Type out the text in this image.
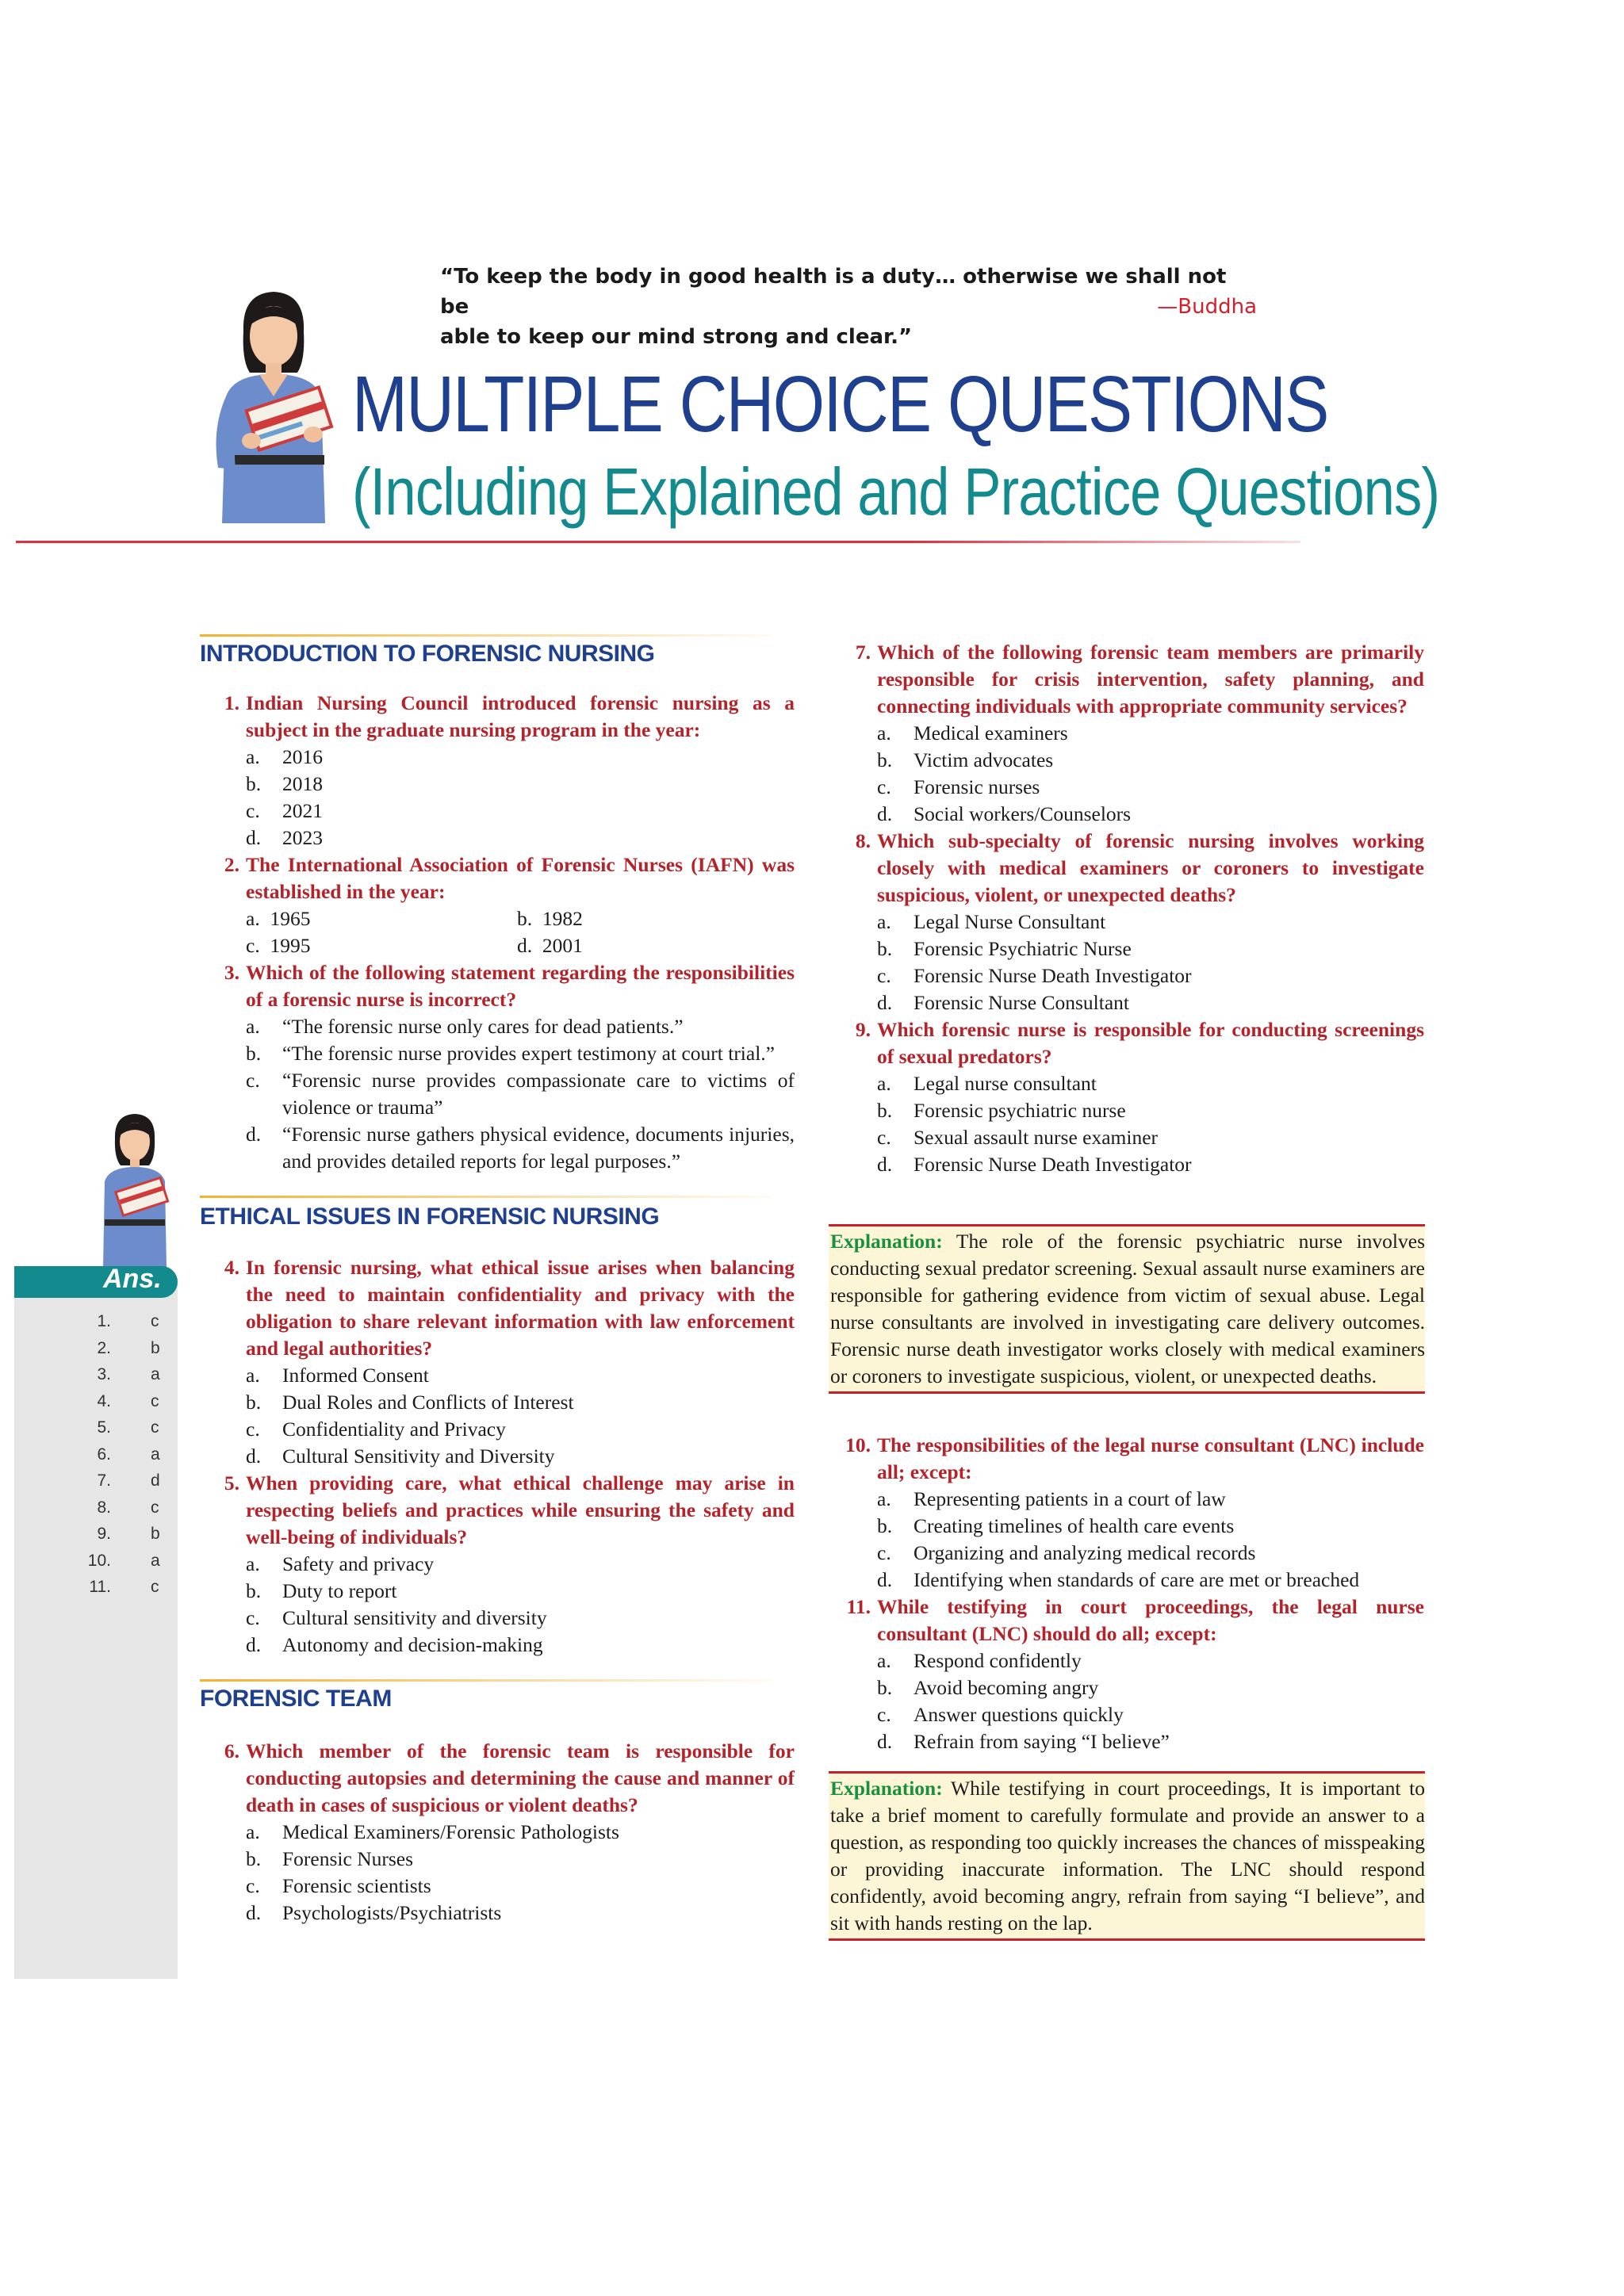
“To keep the body in good health is a duty… otherwise we shall not be
able to keep our mind strong and clear.”
—Buddha
MULTIPLE CHOICE QUESTIONS
(Including Explained and Practice Questions)
Ans.
1. c
2. b
3. a
4. c
5. c
6. a
7. d
8. c
9. b
10. a
11. c
INTRODUCTION TO FORENSIC NURSING

1. Indian Nursing Council introduced forensic nursing as a subject in the graduate nursing program in the year:

a. 2016

b. 2018

c. 2021

d. 2023

2. The International Association of Forensic Nurses (IAFN) was established in the year:

a. 1965	b. 1982
c. 1995	d. 2001

3. Which of the following statement regarding the responsibilities of a forensic nurse is incorrect?

a. “The forensic nurse only cares for dead patients.”

b. “The forensic nurse provides expert testimony at court trial.”

c. “Forensic nurse provides compassionate care to victims of violence or trauma”

d. “Forensic nurse gathers physical evidence, documents injuries, and provides detailed reports for legal purposes.”

ETHICAL ISSUES IN FORENSIC NURSING

4. In forensic nursing, what ethical issue arises when balancing the need to maintain confidentiality and privacy with the obligation to share relevant information with law enforcement and legal authorities?

a. Informed Consent

b. Dual Roles and Conflicts of Interest

c. Confidentiality and Privacy

d. Cultural Sensitivity and Diversity

5. When providing care, what ethical challenge may arise in respecting beliefs and practices while ensuring the safety and well-being of individuals?

a. Safety and privacy

b. Duty to report

c. Cultural sensitivity and diversity

d. Autonomy and decision-making

FORENSIC TEAM

6. Which member of the forensic team is responsible for conducting autopsies and determining the cause and manner of death in cases of suspicious or violent deaths?

a. Medical Examiners/Forensic Pathologists

b. Forensic Nurses

c. Forensic scientists

d. Psychologists/Psychiatrists

7. Which of the following forensic team members are primarily responsible for crisis intervention, safety planning, and connecting individuals with appropriate community services?

a. Medical examiners

b. Victim advocates

c. Forensic nurses

d. Social workers/Counselors

8. Which sub-specialty of forensic nursing involves working closely with medical examiners or coroners to investigate suspicious, violent, or unexpected deaths?

a. Legal Nurse Consultant

b. Forensic Psychiatric Nurse

c. Forensic Nurse Death Investigator

d. Forensic Nurse Consultant

9. Which forensic nurse is responsible for conducting screenings of sexual predators?

a. Legal nurse consultant

b. Forensic psychiatric nurse

c. Sexual assault nurse examiner

d. Forensic Nurse Death Investigator

Explanation: The role of the forensic psychiatric nurse involves conducting sexual predator screening. Sexual assault nurse examiners are responsible for gathering evidence from victim of sexual abuse. Legal nurse consultants are involved in investigating care delivery outcomes. Forensic nurse death investigator works closely with medical examiners or coroners to investigate suspicious, violent, or unexpected deaths.

10. The responsibilities of the legal nurse consultant (LNC) include all; except:

a. Representing patients in a court of law

b. Creating timelines of health care events

c. Organizing and analyzing medical records

d. Identifying when standards of care are met or breached

11. While testifying in court proceedings, the legal nurse consultant (LNC) should do all; except:

a. Respond confidently

b. Avoid becoming angry

c. Answer questions quickly

d. Refrain from saying “I believe”

Explanation: While testifying in court proceedings, It is important to take a brief moment to carefully formulate and provide an answer to a question, as responding too quickly increases the chances of misspeaking or providing inaccurate information. The LNC should respond confidently, avoid becoming angry, refrain from saying “I believe”, and sit with hands resting on the lap.
